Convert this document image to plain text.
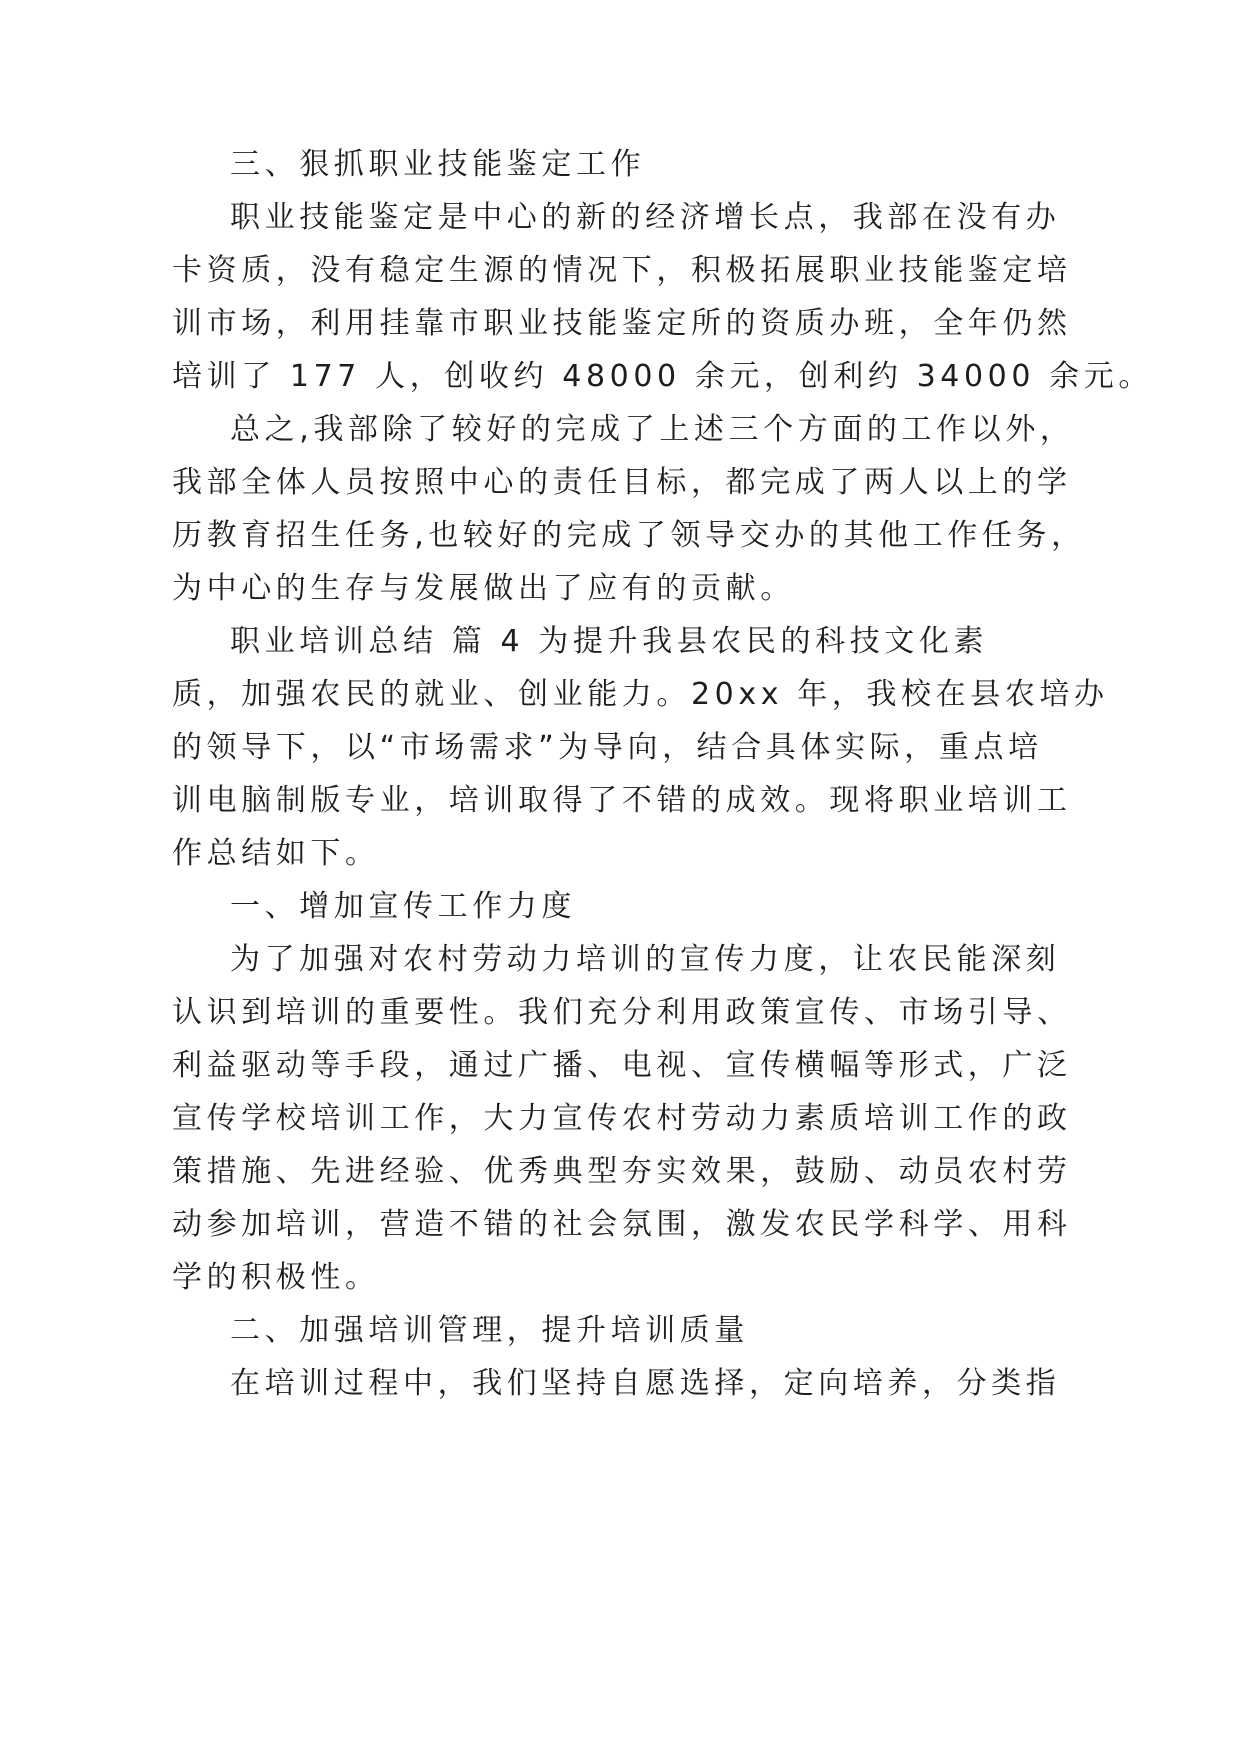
三、狠抓职业技能鉴定工作
职业技能鉴定是中心的新的经济增长点，我部在没有办
卡资质，没有稳定生源的情况下，积极拓展职业技能鉴定培
训市场，利用挂靠市职业技能鉴定所的资质办班，全年仍然
培训了 177 人，创收约 48000 余元，创利约 34000 余元。
总之,我部除了较好的完成了上述三个方面的工作以外，
我部全体人员按照中心的责任目标，都完成了两人以上的学
历教育招生任务,也较好的完成了领导交办的其他工作任务，
为中心的生存与发展做出了应有的贡献。
职业培训总结 篇 4 为提升我县农民的科技文化素
质，加强农民的就业、创业能力。20xx 年，我校在县农培办
的领导下，以“市场需求”为导向，结合具体实际，重点培
训电脑制版专业，培训取得了不错的成效。现将职业培训工
作总结如下。
一、增加宣传工作力度
为了加强对农村劳动力培训的宣传力度，让农民能深刻
认识到培训的重要性。我们充分利用政策宣传、市场引导、
利益驱动等手段，通过广播、电视、宣传横幅等形式，广泛
宣传学校培训工作，大力宣传农村劳动力素质培训工作的政
策措施、先进经验、优秀典型夯实效果，鼓励、动员农村劳
动参加培训，营造不错的社会氛围，激发农民学科学、用科
学的积极性。
二、加强培训管理，提升培训质量
在培训过程中，我们坚持自愿选择，定向培养，分类指
